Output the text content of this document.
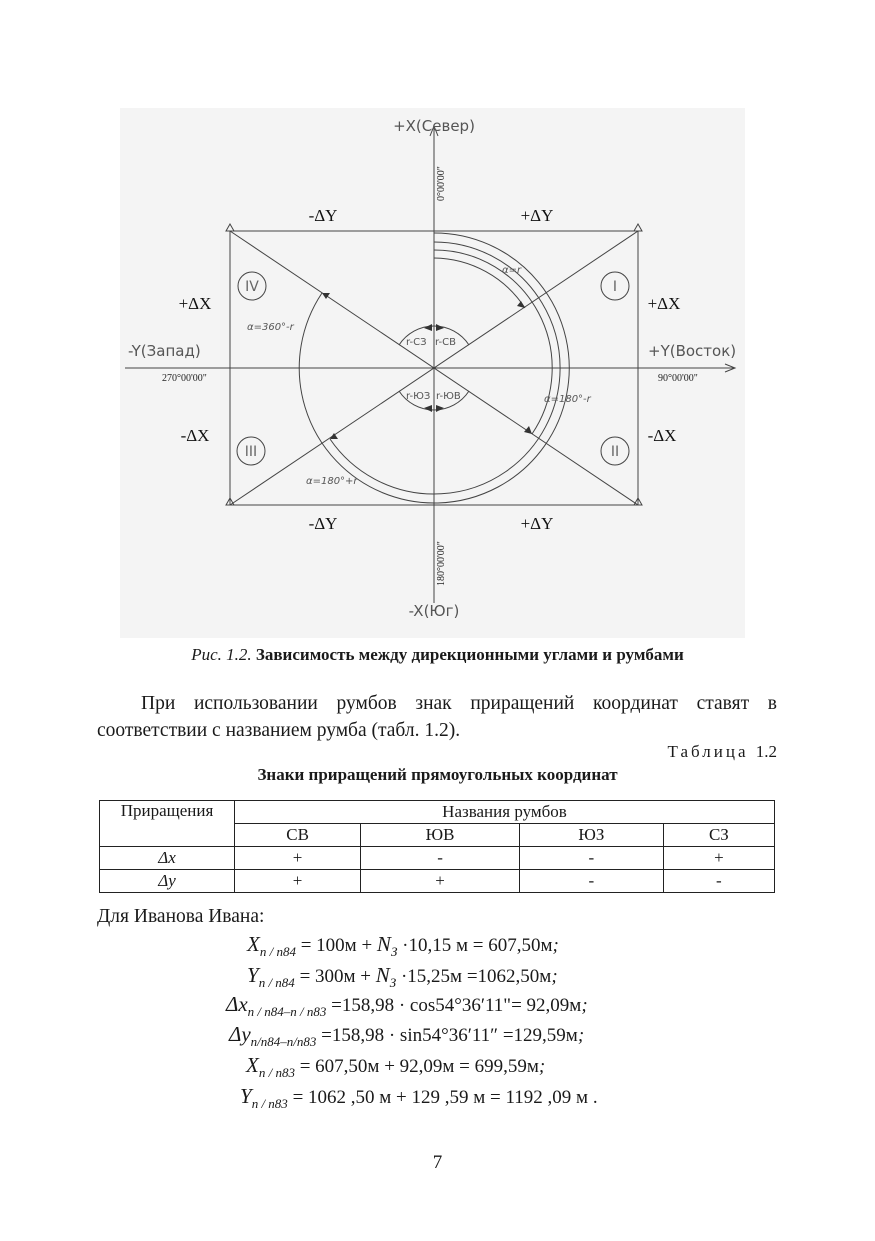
+X(Север)
-X(Юг)
-Y(Запад)	+Y(Восток)
0°00'00"
180°00'00"
270°00'00"	90°00'00"
IV	I
III	II
-ΔY	+ΔY
-ΔY	+ΔY
+ΔX
-ΔX
+ΔX
-ΔX
α=r
α=360°-r
α=180°-r
α=180°+r
r-СЗ r-СВ
r-ЮЗ r-ЮВ
Рис. 1.2. Зависимость между дирекционными углами и румбами
При использовании румбов знак приращений координат ставят в соответствии с названием румба (табл. 1.2).
Таблица 1.2
Знаки приращений прямоугольных координат
Приращения	Названия румбов			
	СВ	ЮВ	ЮЗ	СЗ
Δx	+	-	-	+
Δy	+	+	-	-
Для Иванова Ивана:
$X_{п / п84} = 100м + N_З \cdot 10,15$ м = 607,50м;
$Y_{п / п84} = 300м + N_З \cdot 15,25м =1062,50м$;
$\Delta x_{п / п84-п / п83} =158,98$ · cos54°36′11"= 92,09м;
$\Delta y_{п/п84-п/п83} =158,98 \cdot \sin 54^\circ 36'11'' =129,59м$;
$X_{п / п83} = 607,50м + 92,09м = 699,59м$;
$Y_{п / п83} = 1062$ ,50 м + 129 ,59 м = 1192 ,09 м .
7
